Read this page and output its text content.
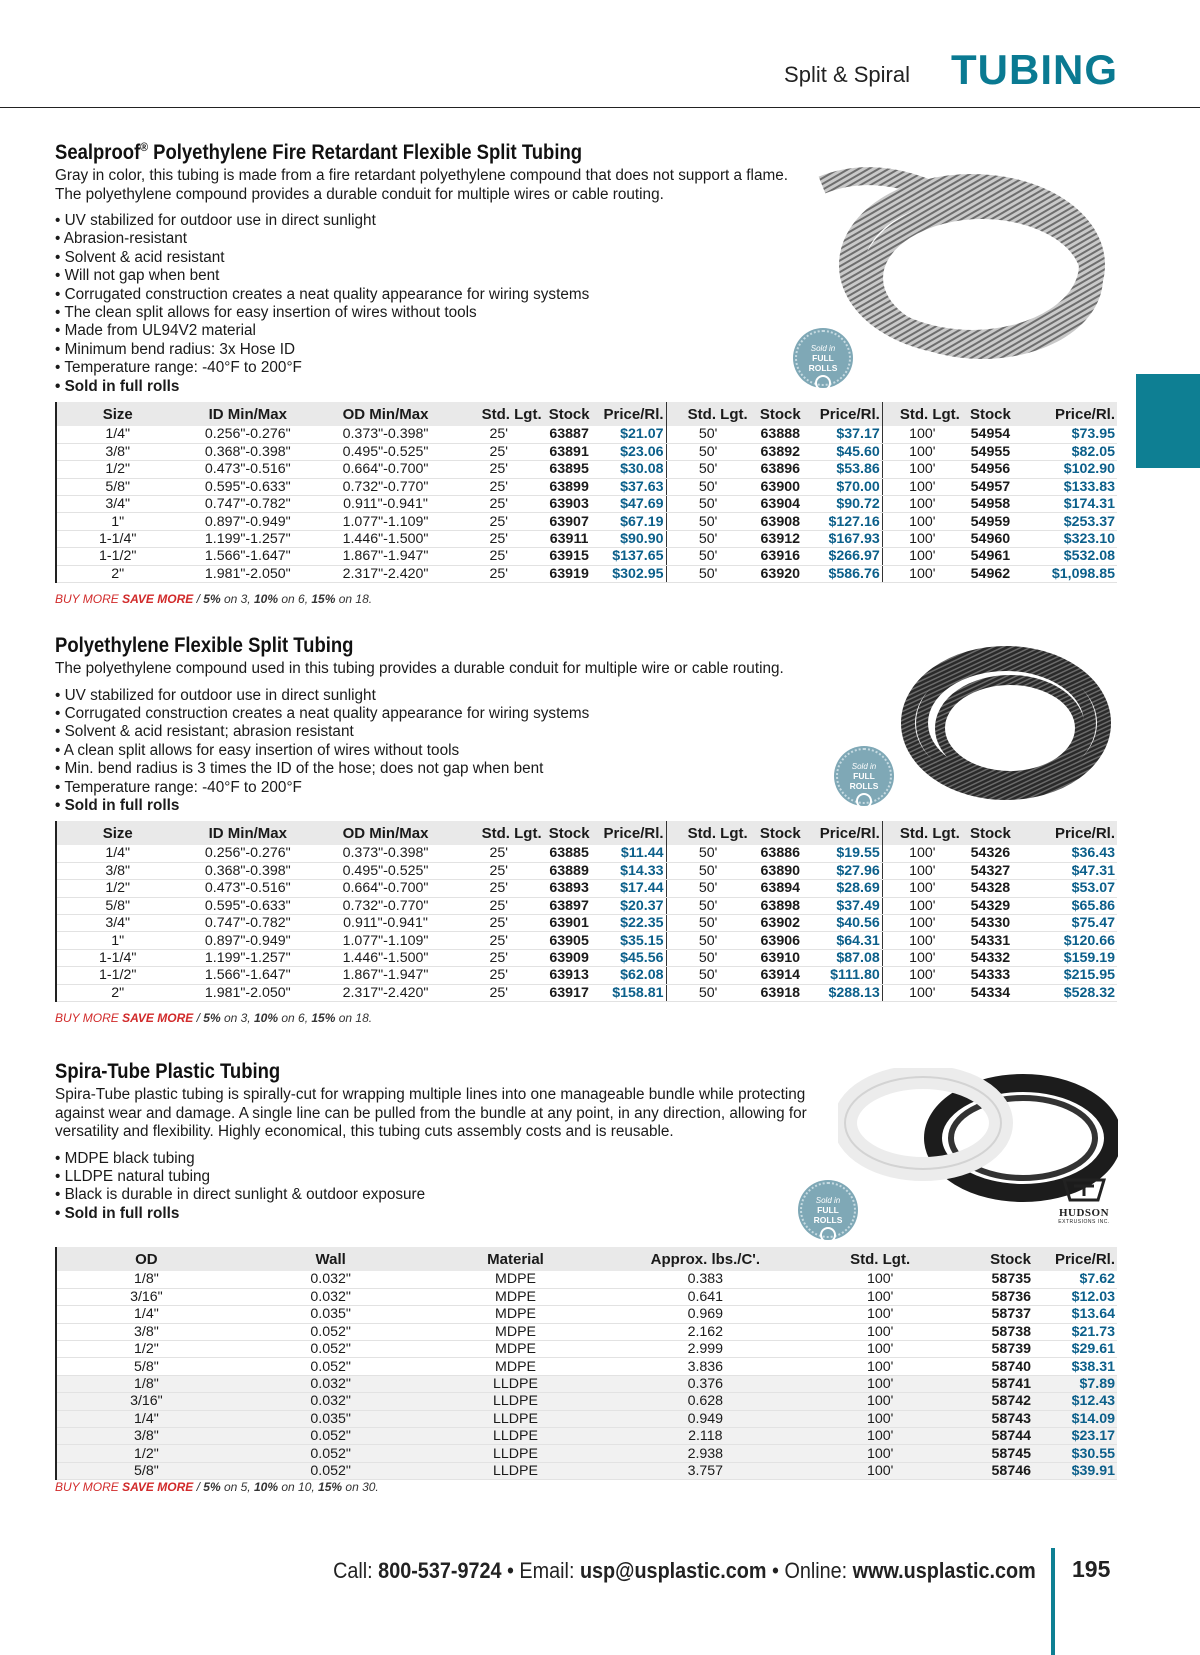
Split & Spiral TUBING
Sealproof® Polyethylene Fire Retardant Flexible Split Tubing

Gray in color, this tubing is made from a fire retardant polyethylene compound that does not support a flame. The polyethylene compound provides a durable conduit for multiple wires or cable routing.

• UV stabilized for outdoor use in direct sunlight
• Abrasion-resistant
• Solvent & acid resistant
• Will not gap when bent
• Corrugated construction creates a neat quality appearance for wiring systems
• The clean split allows for easy insertion of wires without tools
• Made from UL94V2 material
• Minimum bend radius: 3x Hose ID
• Temperature range: -40°F to 200°F
• Sold in full rolls
Sold in
FULL ROLLS
Size	ID Min/Max	OD Min/Max	Std. Lgt.	Stock	Price/Rl.	Std. Lgt.	Stock	Price/Rl.	Std. Lgt.	Stock	Price/Rl.
1/4"	0.256"-0.276"	0.373"-0.398"	25'	63887	$21.07	50'	63888	$37.17	100'	54954	$73.95
3/8"	0.368"-0.398"	0.495"-0.525"	25'	63891	$23.06	50'	63892	$45.60	100'	54955	$82.05
1/2"	0.473"-0.516"	0.664"-0.700"	25'	63895	$30.08	50'	63896	$53.86	100'	54956	$102.90
5/8"	0.595"-0.633"	0.732"-0.770"	25'	63899	$37.63	50'	63900	$70.00	100'	54957	$133.83
3/4"	0.747"-0.782"	0.911"-0.941"	25'	63903	$47.69	50'	63904	$90.72	100'	54958	$174.31
1"	0.897"-0.949"	1.077"-1.109"	25'	63907	$67.19	50'	63908	$127.16	100'	54959	$253.37
1-1/4"	1.199"-1.257"	1.446"-1.500"	25'	63911	$90.90	50'	63912	$167.93	100'	54960	$323.10
1-1/2"	1.566"-1.647"	1.867"-1.947"	25'	63915	$137.65	50'	63916	$266.97	100'	54961	$532.08
2"	1.981"-2.050"	2.317"-2.420"	25'	63919	$302.95	50'	63920	$586.76	100'	54962	$1,098.85
BUY MORE SAVE MORE / 5% on 3, 10% on 6, 15% on 18.
Polyethylene Flexible Split Tubing

The polyethylene compound used in this tubing provides a durable conduit for multiple wire or cable routing.

• UV stabilized for outdoor use in direct sunlight
• Corrugated construction creates a neat quality appearance for wiring systems
• Solvent & acid resistant; abrasion resistant
• A clean split allows for easy insertion of wires without tools
• Min. bend radius is 3 times the ID of the hose; does not gap when bent
• Temperature range: -40°F to 200°F
• Sold in full rolls
Sold in
FULL ROLLS
Size	ID Min/Max	OD Min/Max	Std. Lgt.	Stock	Price/Rl.	Std. Lgt.	Stock	Price/Rl.	Std. Lgt.	Stock	Price/Rl.
1/4"	0.256"-0.276"	0.373"-0.398"	25'	63885	$11.44	50'	63886	$19.55	100'	54326	$36.43
3/8"	0.368"-0.398"	0.495"-0.525"	25'	63889	$14.33	50'	63890	$27.96	100'	54327	$47.31
1/2"	0.473"-0.516"	0.664"-0.700"	25'	63893	$17.44	50'	63894	$28.69	100'	54328	$53.07
5/8"	0.595"-0.633"	0.732"-0.770"	25'	63897	$20.37	50'	63898	$37.49	100'	54329	$65.86
3/4"	0.747"-0.782"	0.911"-0.941"	25'	63901	$22.35	50'	63902	$40.56	100'	54330	$75.47
1"	0.897"-0.949"	1.077"-1.109"	25'	63905	$35.15	50'	63906	$64.31	100'	54331	$120.66
1-1/4"	1.199"-1.257"	1.446"-1.500"	25'	63909	$45.56	50'	63910	$87.08	100'	54332	$159.19
1-1/2"	1.566"-1.647"	1.867"-1.947"	25'	63913	$62.08	50'	63914	$111.80	100'	54333	$215.95
2"	1.981"-2.050"	2.317"-2.420"	25'	63917	$158.81	50'	63918	$288.13	100'	54334	$528.32
BUY MORE SAVE MORE / 5% on 3, 10% on 6, 15% on 18.
Spira-Tube Plastic Tubing

Spira-Tube plastic tubing is spirally-cut for wrapping multiple lines into one manageable bundle while protecting against wear and damage. A single line can be pulled from the bundle at any point, in any direction, allowing for versatility and flexibility. Highly economical, this tubing cuts assembly costs and is reusable.

• MDPE black tubing
• LLDPE natural tubing
• Black is durable in direct sunlight & outdoor exposure
• Sold in full rolls
Sold in
FULL ROLLS
HUDSON
EXTRUSIONS INC.
OD	Wall	Material	Approx. lbs./C'.	Std. Lgt.	Stock	Price/Rl.
1/8"	0.032"	MDPE	0.383	100'	58735	$7.62
3/16"	0.032"	MDPE	0.641	100'	58736	$12.03
1/4"	0.035"	MDPE	0.969	100'	58737	$13.64
3/8"	0.052"	MDPE	2.162	100'	58738	$21.73
1/2"	0.052"	MDPE	2.999	100'	58739	$29.61
5/8"	0.052"	MDPE	3.836	100'	58740	$38.31
1/8"	0.032"	LLDPE	0.376	100'	58741	$7.89
3/16"	0.032"	LLDPE	0.628	100'	58742	$12.43
1/4"	0.035"	LLDPE	0.949	100'	58743	$14.09
3/8"	0.052"	LLDPE	2.118	100'	58744	$23.17
1/2"	0.052"	LLDPE	2.938	100'	58745	$30.55
5/8"	0.052"	LLDPE	3.757	100'	58746	$39.91
BUY MORE SAVE MORE / 5% on 5, 10% on 10, 15% on 30.
Call: 800-537-9724 • Email: usp@usplastic.com • Online: www.usplastic.com 195
